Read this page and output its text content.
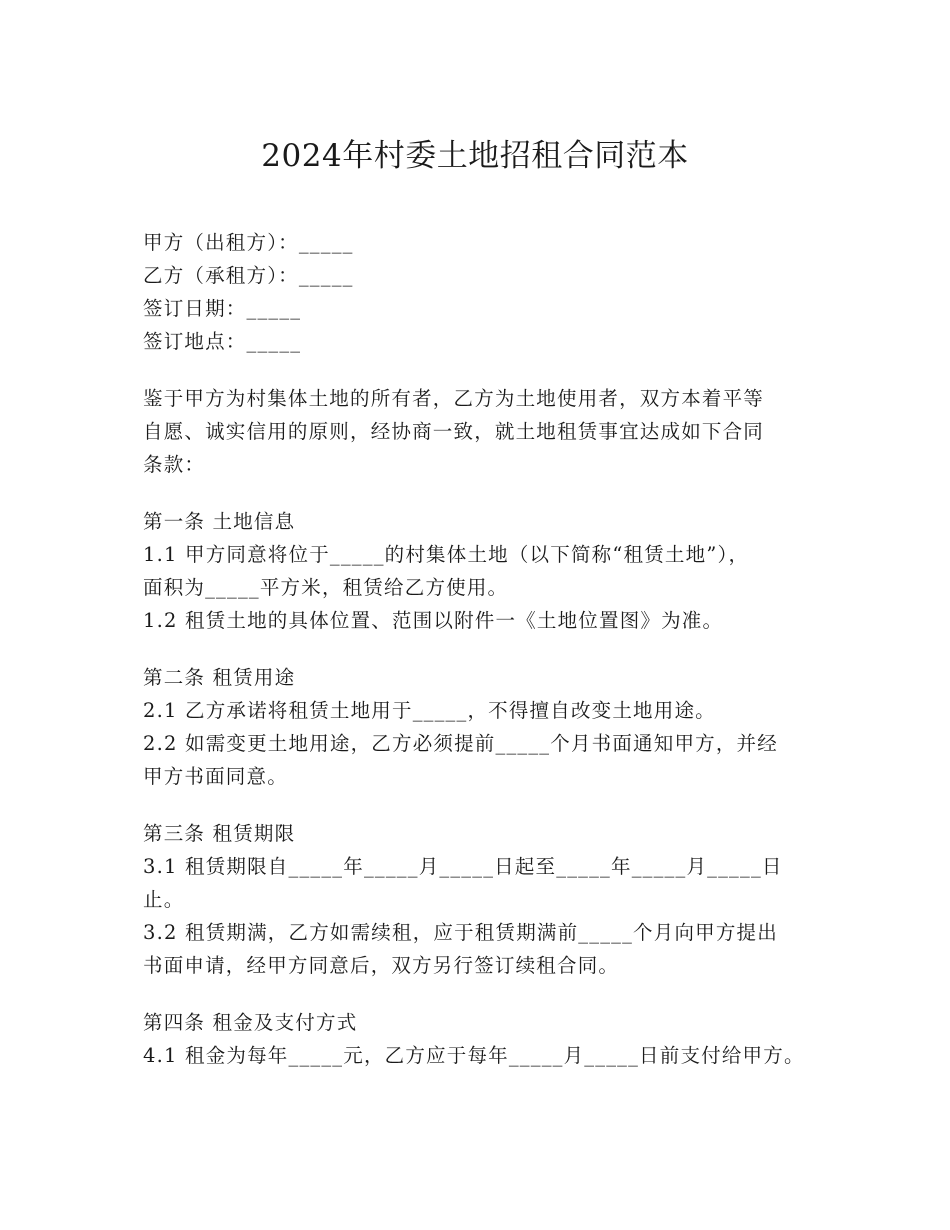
2024年村委土地招租合同范本
甲方（出租方）：_____
乙方（承租方）：_____
签订日期：_____
签订地点：_____
鉴于甲方为村集体土地的所有者，乙方为土地使用者，双方本着平等
自愿、诚实信用的原则，经协商一致，就土地租赁事宜达成如下合同
条款：
第一条 土地信息
1.1 甲方同意将位于_____的村集体土地（以下简称“租赁土地”），
面积为_____平方米，租赁给乙方使用。
1.2 租赁土地的具体位置、范围以附件一《土地位置图》为准。
第二条 租赁用途
2.1 乙方承诺将租赁土地用于_____，不得擅自改变土地用途。
2.2 如需变更土地用途，乙方必须提前_____个月书面通知甲方，并经
甲方书面同意。
第三条 租赁期限
3.1 租赁期限自_____年_____月_____日起至_____年_____月_____日
止。
3.2 租赁期满，乙方如需续租，应于租赁期满前_____个月向甲方提出
书面申请，经甲方同意后，双方另行签订续租合同。
第四条 租金及支付方式
4.1 租金为每年_____元，乙方应于每年_____月_____日前支付给甲方。
